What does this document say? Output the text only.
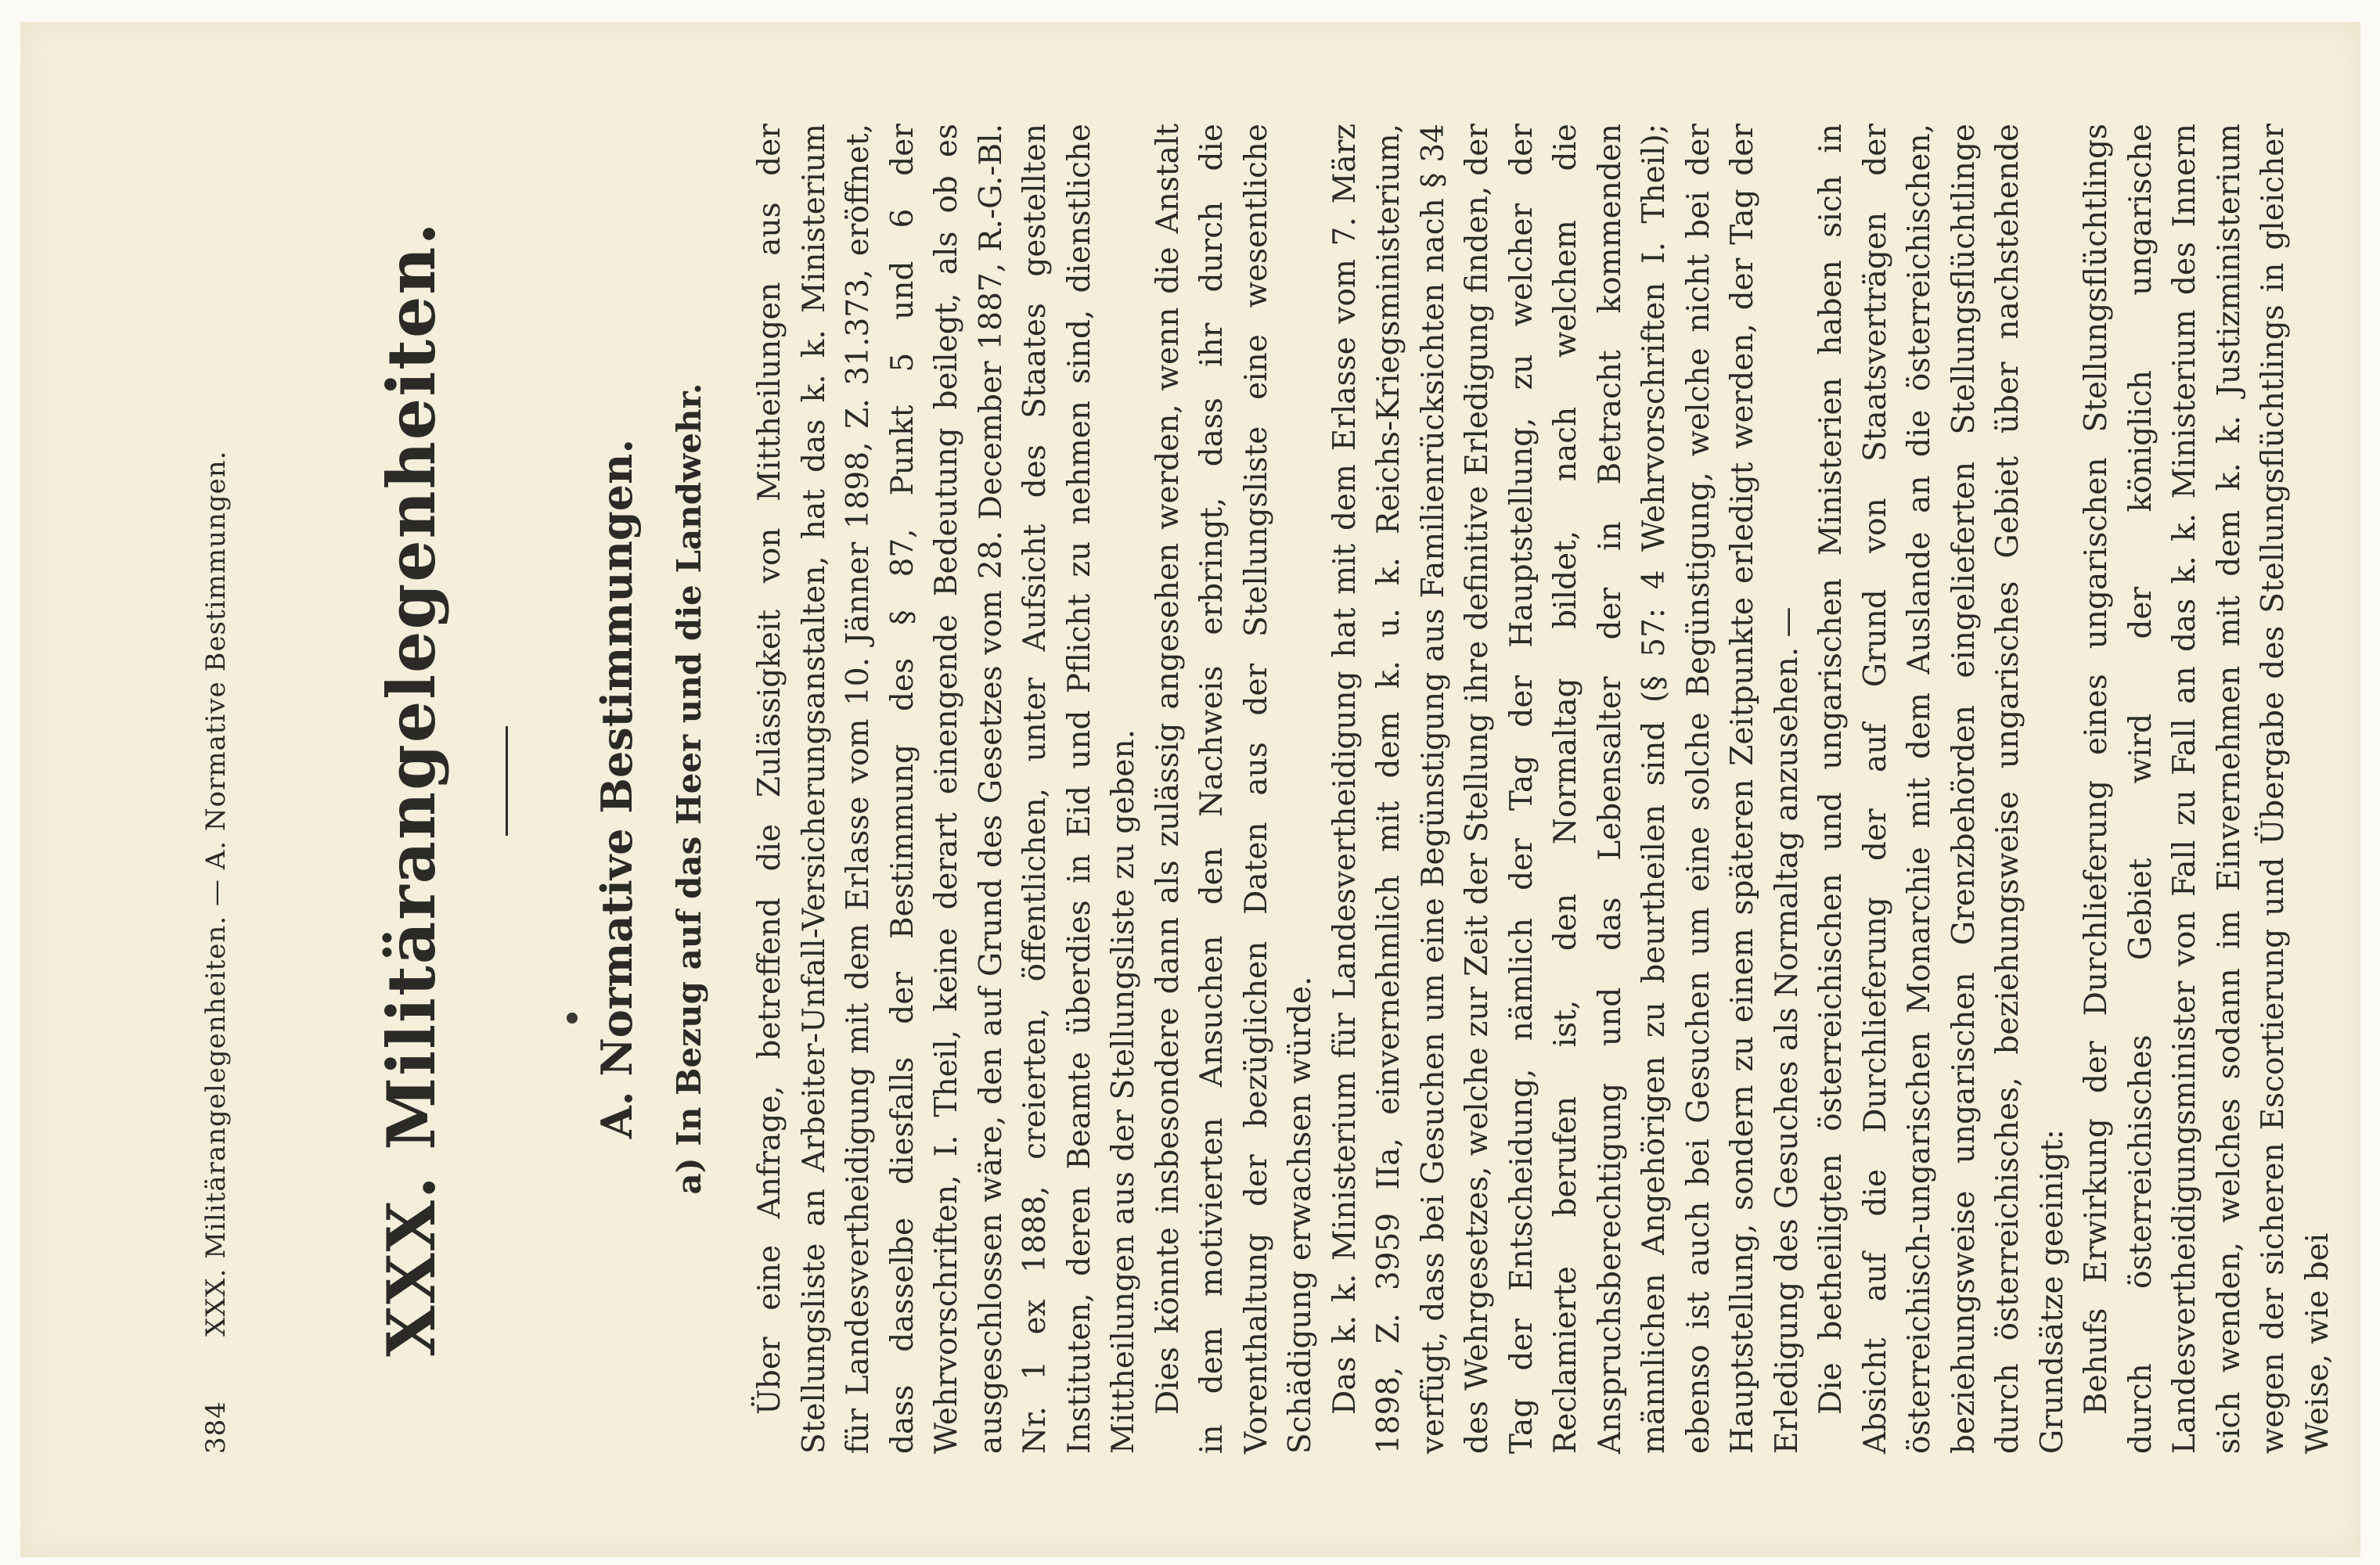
384
XXX. Militärangelegenheiten. — A. Normative Bestimmungen. XXX. Militärangelegenheiten.	A. Normative Bestimmungen. a) In Bezug auf das Heer und die Landwehr. Über eine Anfrage, betreffend die Zulässigkeit von Mittheilungen aus der Stellungsliste an Arbeiter-Unfall-Versicherungsanstalten, hat das k. k. Ministerium für Landesvertheidigung mit dem Erlasse vom 10. Jänner 1898, Z. 31.373, eröffnet, dass dasselbe diesfalls der Bestimmung des § 87, Punkt 5 und 6 der Wehrvorschriften, I. Theil, keine derart einengende Bedeutung beilegt, als ob es ausgeschlossen wäre, den auf Grund des Gesetzes vom 28. December 1887, R.-G.-Bl. Nr. 1 ex 1888, creierten, öffentlichen, unter Aufsicht des Staates gestellten Instituten, deren Beamte überdies in Eid und Pflicht zu nehmen sind, dienstliche Mittheilungen aus der Stellungsliste zu geben. Dies könnte insbesondere dann als zulässig angesehen werden, wenn die Anstalt in dem motivierten Ansuchen den Nachweis erbringt, dass ihr durch die Vorenthaltung der bezüglichen Daten aus der Stellungsliste eine wesentliche Schädigung erwachsen würde. Das k. k. Ministerium für Landesvertheidigung hat mit dem Erlasse vom 7. März 1898, Z. 3959 IIa, einvernehmlich mit dem k. u. k. Reichs-Kriegsministerium, verfügt, dass bei Gesuchen um eine Begünstigung aus Familienrücksichten nach § 34 des Wehrgesetzes, welche zur Zeit der Stellung ihre definitive Erledigung finden, der Tag der Entscheidung, nämlich der Tag der Hauptstellung, zu welcher der Reclamierte berufen ist, den Normaltag bildet, nach welchem die Anspruchsberechtigung und das Lebensalter der in Betracht kommenden männlichen Angehörigen zu beurtheilen sind (§ 57: 4 Wehrvorschriften I. Theil); ebenso ist auch bei Gesuchen um eine solche Begünstigung, welche nicht bei der Hauptstellung, sondern zu einem späteren Zeitpunkte erledigt werden, der Tag der Erledigung des Gesuches als Normaltag anzusehen. — Die betheiligten österreichischen und ungarischen Ministerien haben sich in Absicht auf die Durchlieferung der auf Grund von Staatsverträgen der österreichisch-ungarischen Monarchie mit dem Auslande an die österreichischen, beziehungsweise ungarischen Grenzbehörden eingelieferten Stellungsflüchtlinge durch österreichisches, beziehungsweise ungarisches Gebiet über nachstehende Grundsätze geeinigt: Behufs Erwirkung der Durchlieferung eines ungarischen Stellungsflüchtlings durch österreichisches Gebiet wird der königlich ungarische Landesvertheidigungsminister von Fall zu Fall an das k. k. Ministerium des Innern sich wenden, welches sodann im Einvernehmen mit dem k. k. Justizministerium wegen der sicheren Escortierung und Übergabe des Stellungsflüchtlings in gleicher Weise, wie bei
